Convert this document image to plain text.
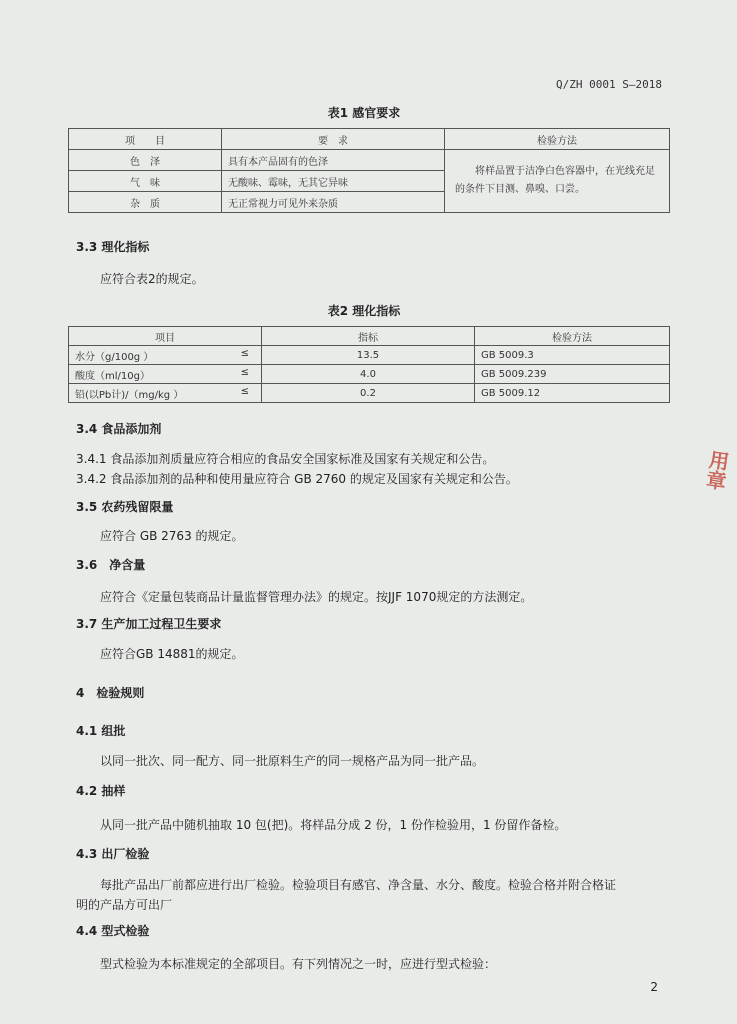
Q/ZH 0001 S—2018
表1 感官要求
项　　目	要　求	检验方法
色　泽	具有本产品固有的色泽	将样品置于洁净白色容器中，在光线充足的条件下目测、鼻嗅、口尝。
气　味	无酸味、霉味，无其它异味	
杂　质	无正常视力可见外来杂质	
3.3 理化指标
应符合表2的规定。
表2 理化指标
项目	指标	检验方法
水分（g/100g ） ≤	13.5	GB 5009.3
酸度（ml/10g） ≤	4.0	GB 5009.239
铅(以Pb计)/（mg/kg ） ≤	0.2	GB 5009.12
3.4 食品添加剂
3.4.1 食品添加剂质量应符合相应的食品安全国家标准及国家有关规定和公告。
3.4.2 食品添加剂的品种和使用量应符合 GB 2760 的规定及国家有关规定和公告。
3.5 农药残留限量
应符合 GB 2763 的规定。
3.6　净含量
应符合《定量包装商品计量监督管理办法》的规定。按JJF 1070规定的方法测定。
3.7 生产加工过程卫生要求
应符合GB 14881的规定。
4　检验规则
4.1 组批
以同一批次、同一配方、同一批原料生产的同一规格产品为同一批产品。
4.2 抽样
从同一批产品中随机抽取 10 包(把)。将样品分成 2 份，1 份作检验用，1 份留作备检。
4.3 出厂检验
每批产品出厂前都应进行出厂检验。检验项目有感官、净含量、水分、酸度。检验合格并附合格证
明的产品方可出厂
4.4 型式检验
型式检验为本标准规定的全部项目。有下列情况之一时，应进行型式检验：
2
用章
